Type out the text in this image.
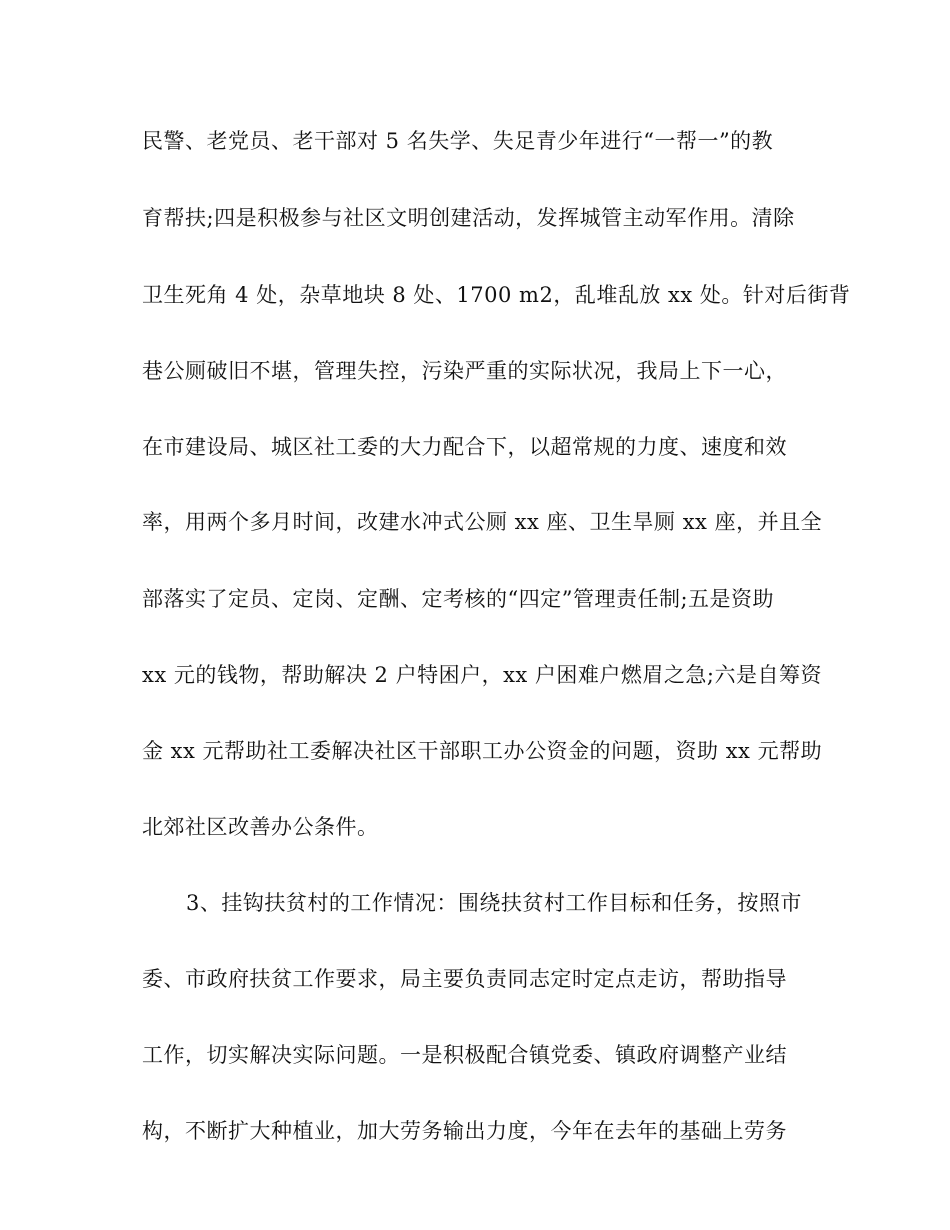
民警、老党员、老干部对 5 名失学、失足青少年进行“一帮一”的教
育帮扶;四是积极参与社区文明创建活动，发挥城管主动军作用。清除
卫生死角 4 处，杂草地块 8 处、1700 m2，乱堆乱放 xx 处。针对后街背
巷公厕破旧不堪，管理失控，污染严重的实际状况，我局上下一心，
在市建设局、城区社工委的大力配合下，以超常规的力度、速度和效
率，用两个多月时间，改建水冲式公厕 xx 座、卫生旱厕 xx 座，并且全
部落实了定员、定岗、定酬、定考核的“四定”管理责任制;五是资助
xx 元的钱物，帮助解决 2 户特困户，xx 户困难户燃眉之急;六是自筹资
金 xx 元帮助社工委解决社区干部职工办公资金的问题，资助 xx 元帮助
北郊社区改善办公条件。
3、挂钩扶贫村的工作情况：围绕扶贫村工作目标和任务，按照市
委、市政府扶贫工作要求，局主要负责同志定时定点走访，帮助指导
工作，切实解决实际问题。一是积极配合镇党委、镇政府调整产业结
构，不断扩大种植业，加大劳务输出力度，今年在去年的基础上劳务
